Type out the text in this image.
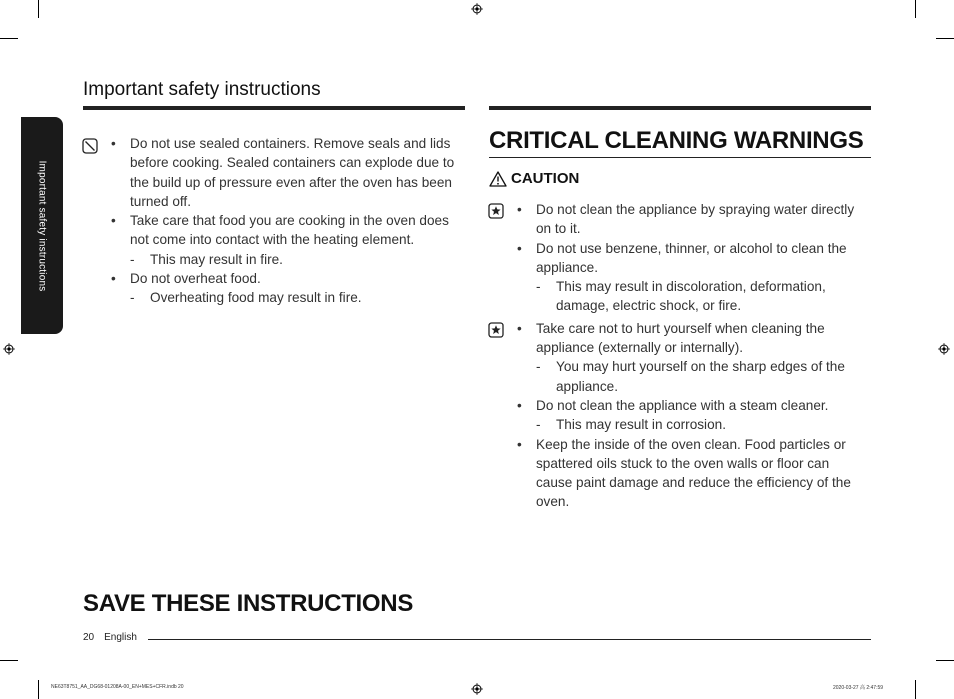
Important safety instructions
Important safety instructions
• Do not use sealed containers. Remove seals and lids before cooking. Sealed containers can explode due to the build up of pressure even after the oven has been turned off.
• Take care that food you are cooking in the oven does not come into contact with the heating element.
- This may result in fire.
• Do not overheat food.
- Overheating food may result in fire.
CRITICAL CLEANING WARNINGS
CAUTION
• Do not clean the appliance by spraying water directly on to it.
• Do not use benzene, thinner, or alcohol to clean the appliance.
- This may result in discoloration, deformation, damage, electric shock, or fire.
• Take care not to hurt yourself when cleaning the appliance (externally or internally).
- You may hurt yourself on the sharp edges of the appliance.
• Do not clean the appliance with a steam cleaner.
- This may result in corrosion.
• Keep the inside of the oven clean. Food particles or spattered oils stuck to the oven walls or floor can cause paint damage and reduce the efficiency of the oven.
SAVE THESE INSTRUCTIONS
20 English
NE63T8751_AA_DG68-01208A-00_EN+MES+CFR.indb 20	2020-03-27 高 2:47:59
